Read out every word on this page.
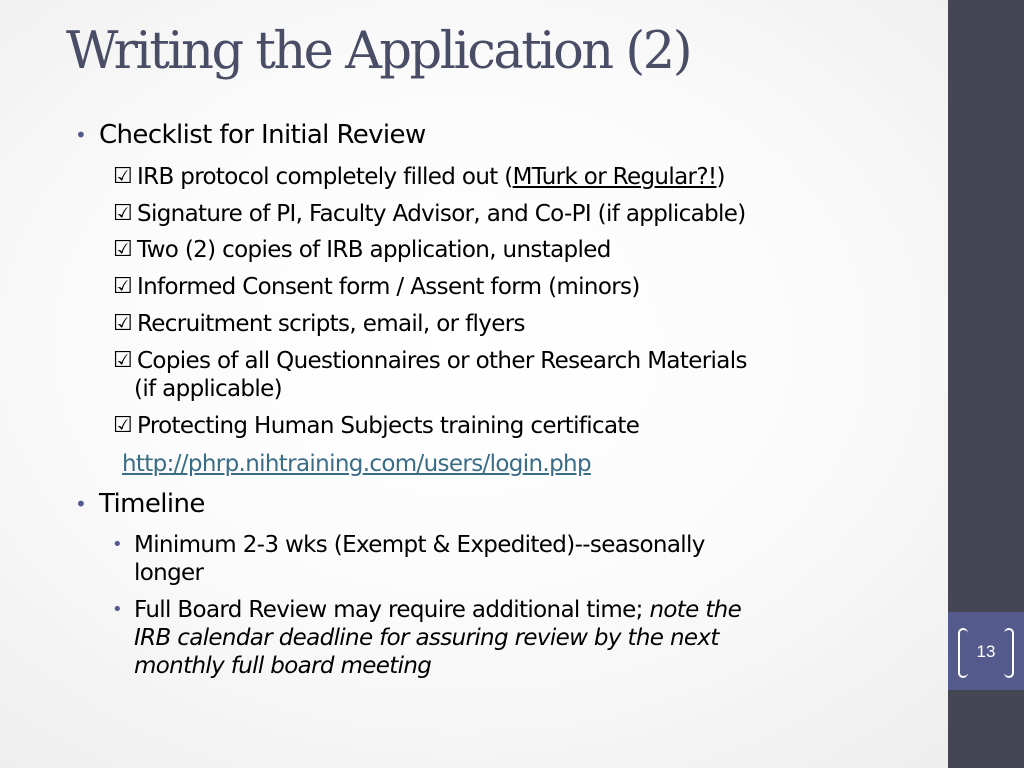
13
Writing the Application (2)
• Checklist for Initial Review
☑ IRB protocol completely filled out (MTurk or Regular?!)
☑ Signature of PI, Faculty Advisor, and Co-PI (if applicable)
☑ Two (2) copies of IRB application, unstapled
☑ Informed Consent form / Assent form (minors)
☑ Recruitment scripts, email, or flyers
☑ Copies of all Questionnaires or other Research Materials
(if applicable)
☑ Protecting Human Subjects training certificate
http://phrp.nihtraining.com/users/login.php
• Timeline
• Minimum 2-3 wks (Exempt & Expedited)--seasonally
longer
• Full Board Review may require additional time; note the
IRB calendar deadline for assuring review by the next
monthly full board meeting
